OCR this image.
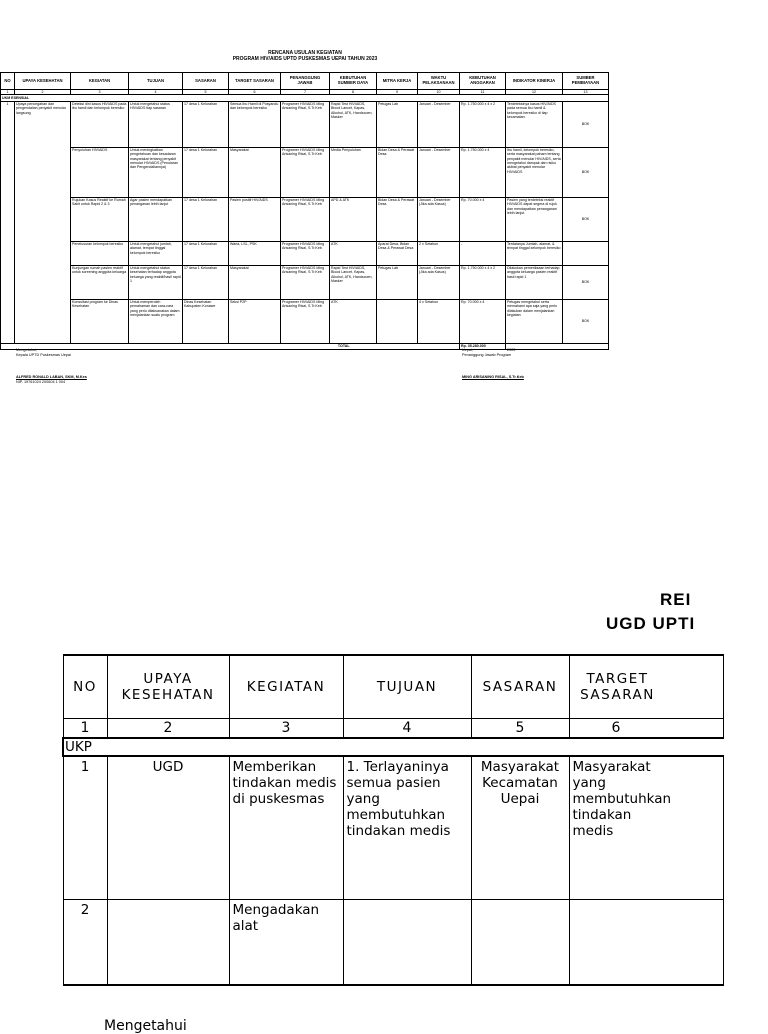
RENCANA USULAN KEGIATAN
PROGRAM HIV/AIDS UPTD PUSKESMAS UEPAI TAHUN 2023
NO	UPAYA KESEHATAN	KEGIATAN	TUJUAN	SASARAN	TARGET SASARAN	PENANGGUNG JAWAB	KEBUTUHAN SUMBER DAYA	MITRA KERJA	WAKTU PELAKSANAAN	KEBUTUHAN ANGGARAN	INDIKATOR KINERJA	SUMBER PEMBIAYAAN
1	2	3	4	5	6	7	8	9	10	11	12	13
UKM ESENSIAL												
1	Upaya pencegahan dan pengendalian penyakit menular langsung	Deteksi dini kasus HIV/AIDS pada ibu hamil dan kelompok beresiko	Untuk mengetahui status HIV/AIDS tiap sasaran	17 desa 1 Kelurahan	Semua Ibu Hamil di Posyandu dan kelompok beresiko	Programer HIV/AIDS Ming Arisaning Risal, S.Tr.Keb	Rapid Test HIV/AIDS, Blood Lancet, Kapas, Alkohol, ATK, Handscoen, Masker	Petugas Lab	Januari - Desember	Rp. 1.750.000 x 4 x 2	Terdeteksinya kasus HIV/AIDS pada semua ibu hamil & kelompok beresiko di tiap kecamatan.	BOK
		Penyuluhan HIV/AIDS	Untuk meningkatkan pengetahuan dan kesadaran masyarakat tentang penyakit menular HIV/AIDS (Penularan dan Pengendaliannya)	17 desa 1 Kelurahan	Masyarakat	Programer HIV/AIDS Ming Arisaning Risal, S.Tr.Keb	Media Penyuluhan	Bidan Desa & Perawat Desa	Januari - Desember	Rp. 1.750.000 x 4	Ibu hamil, kelompok beresiko, serta masyarakat paham tentang penyakit menular HIV/AIDS, serta mengetahui dampak dan risiko akibat penyakit menular HIV/AIDS	BOK
		Rujukan Kasus Reaktif ke Rumah Sakit untuk Rapid 2 & 3	Agar pasien mendapatkan penanganan lebih lanjut	17 desa 1 Kelurahan	Pasien positif HIV/AIDS	Programer HIV/AIDS Ming Arisaning Risal, S.Tr.Keb	APD & ATK	Bidan Desa & Perawat Desa	Januari - Desember (Jika ada Kasus)	Rp. 70.000 x 4	Pasien yang terdeteksi reaktif HIV/AIDS dapat segera di rujuk dan mendapatkan penanganan lebih lanjut.	BOK
		Penelusuran kelompok beresiko	Untuk mengetahui jumlah, alamat, tempat tinggal kelompok beresiko	17 desa 1 Kelurahan	Waria, LSL, PSK	Programer HIV/AIDS Ming Arisaning Risal, S.Tr.Keb	ATK	Aparat Desa, Bidan Desa & Perawat Desa	2 x Setahun	-	Terdatanya Jumlah, alamat, & tempat tinggal kelompok beresiko	
		Kunjungan rumah pasien reaktif untuk screening anggota keluarga	Untuk mengetahui status kesehatan terhadap anggota keluarga yang reaktif/hasil rapid 1	17 desa 1 Kelurahan	Masyarakat	Programer HIV/AIDS Ming Arisaning Risal, S.Tr.Keb	Rapid Test HIV/AIDS, Blood Lancet, Kapas, Alkohol, ATK, Handscoen, Masker	Petugas Lab	Januari - Desember (Jika ada Kasus)	Rp. 1.750.000 x 4 x 2	Dilakukan pemeriksaan terhadap anggota keluarga pasien reaktif hasil rapid 1	BOK
		Konsultasi program ke Dinas Kesehatan	Untuk memperoleh pemahaman dan cara-cara yang perlu dilaksanakan dalam menjalankan suatu program	Dinas Kesehatan Kabupaten Konawe	Seksi P2P	Programer HIV/AIDS Ming Arisaning Risal, S.Tr.Keb	ATK		4 x Setahun	Rp. 70.000 x 4	Petugas mengetahui serta memahami apa saja yang perlu dilakukan dalam menjalankan kegiatan	BOK
					TOTAL					Rp. 35.280.000		
Mengetahui,
Kepala UPTD Puskesmas Uepai
ALFRED RONALD LABAN, SKM, M.Kes
NIP. 19761024 200604 1 004
Uepai,	2022
Penanggung Jawab Program
MING ARISANING RISAL, S.Tr.Keb
REI
UGD UPTI
NO	UPAYA KESEHATAN	KEGIATAN	TUJUAN	SASARAN	TARGET SASARAN
1	2	3	4	5	6
UKP					
1	UGD	Memberikan tindakan medis di puskesmas	1. Terlayaninya semua pasien yang membutuhkan tindakan medis	Masyarakat Kecamatan Uepai	Masyarakat yang membutuhkan tindakan medis
2		Mengadakan alat			
Mengetahui
